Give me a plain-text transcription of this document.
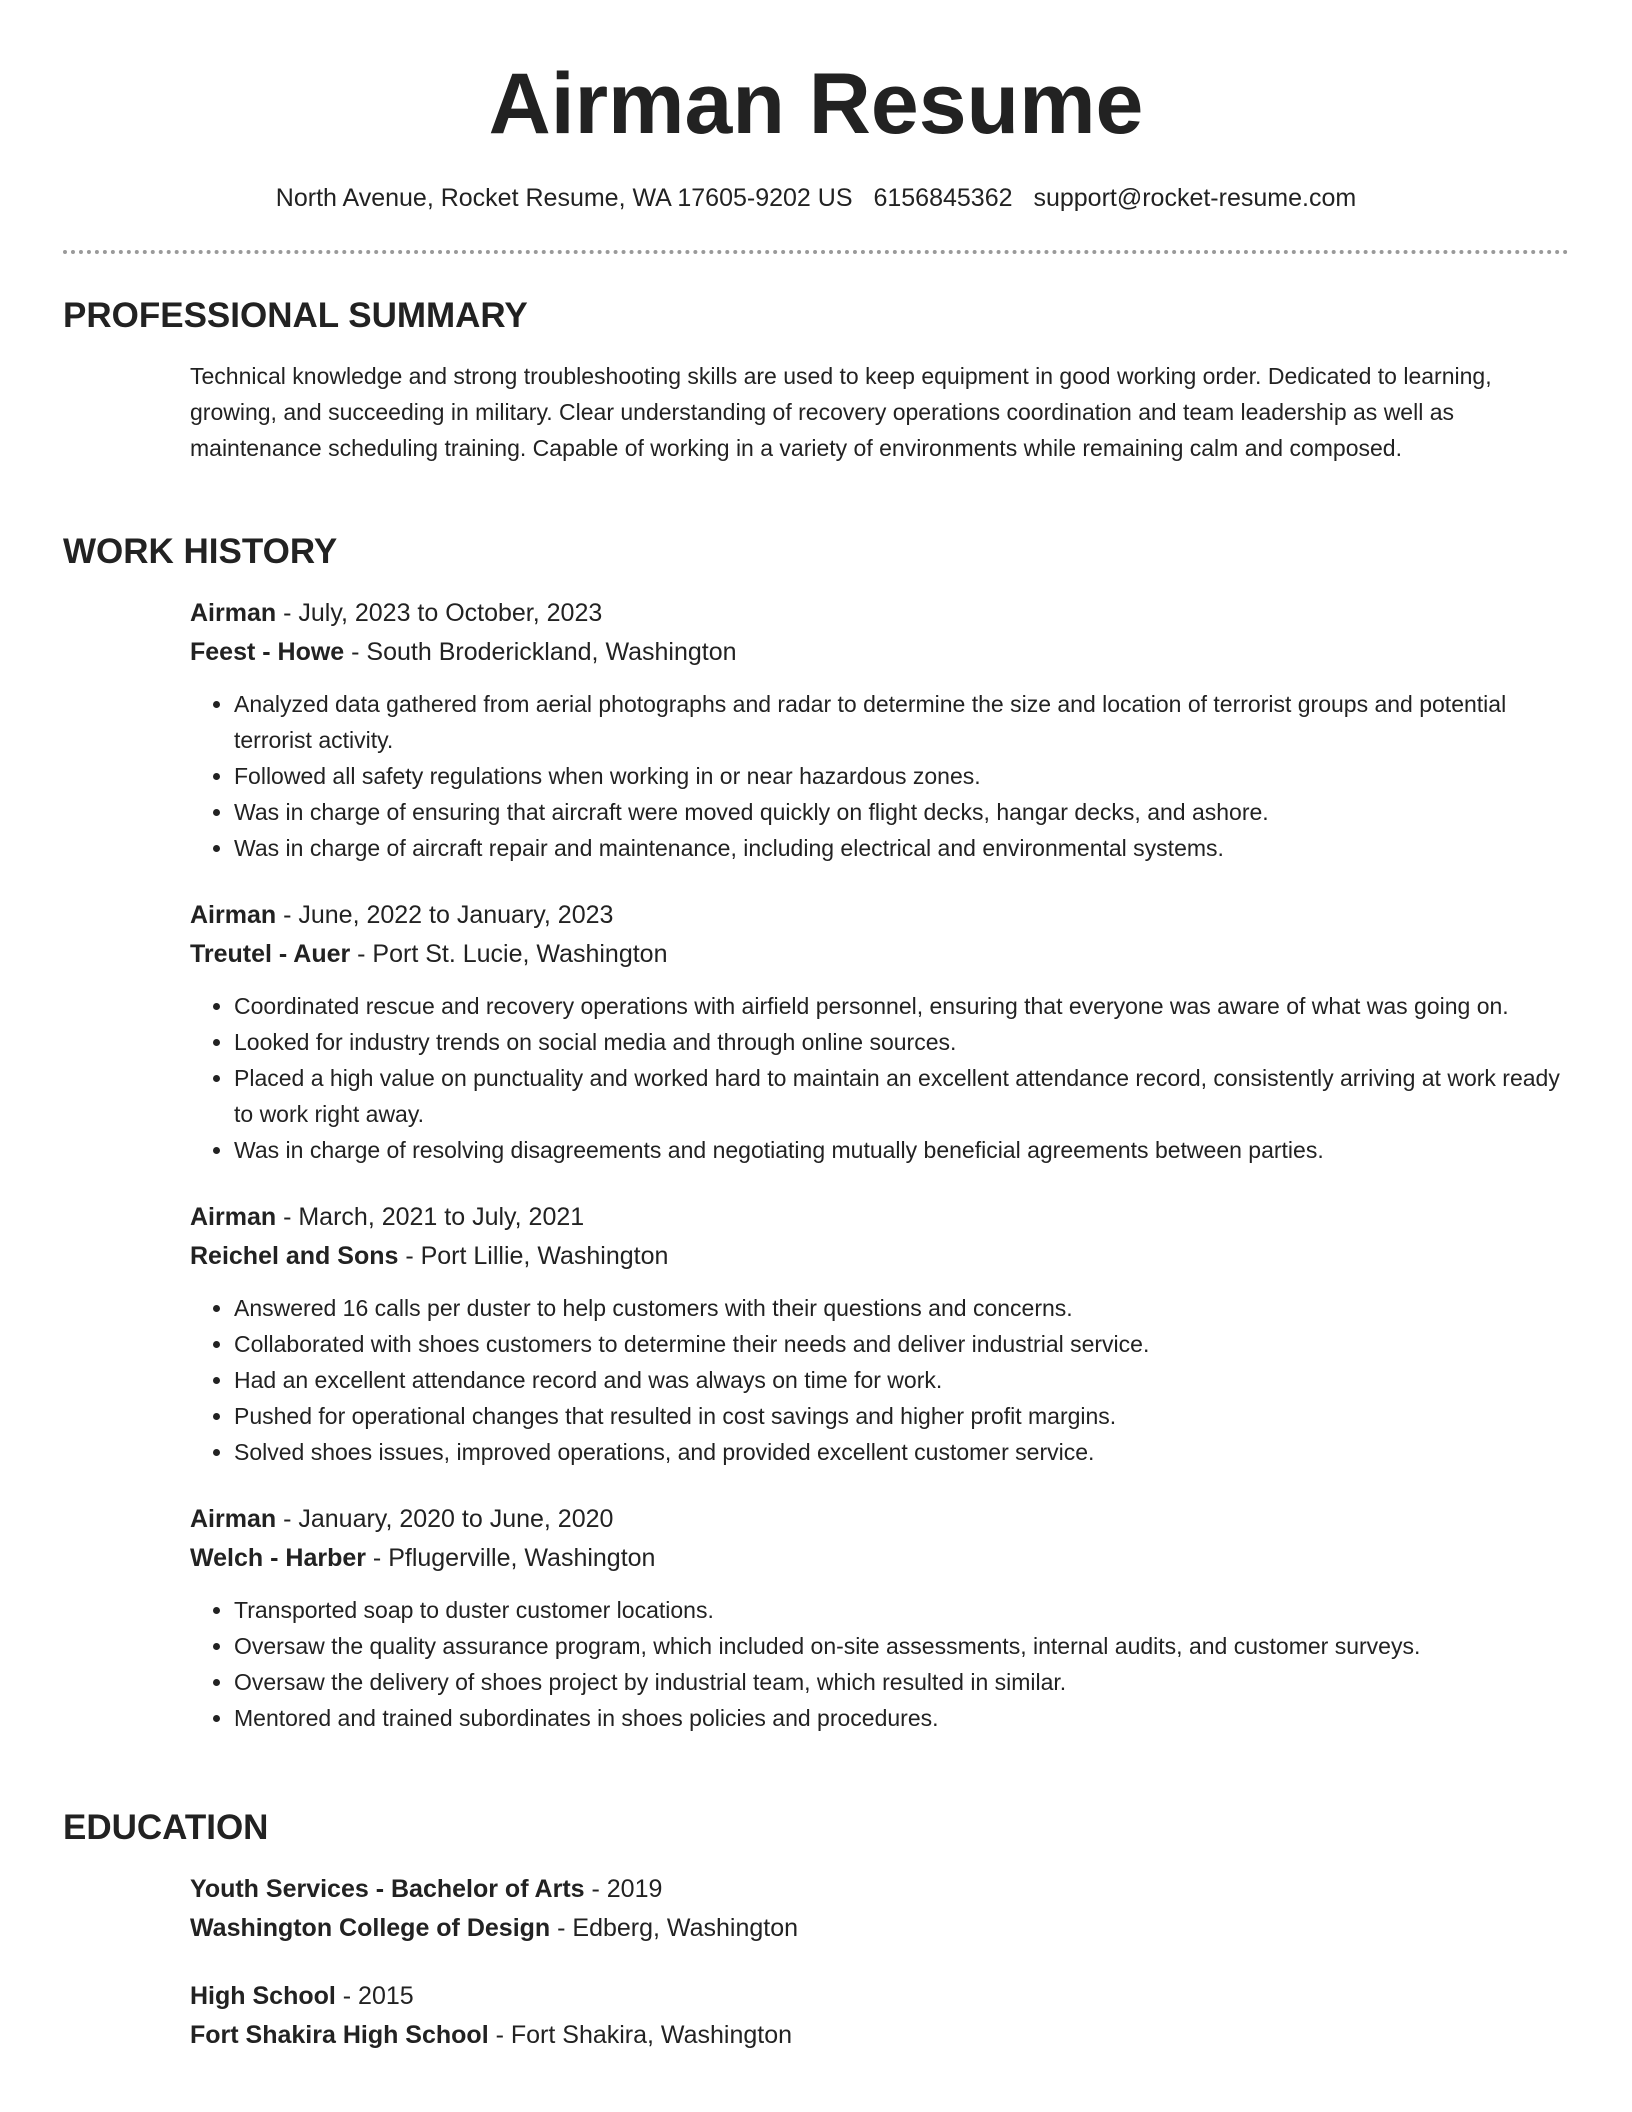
Airman Resume
North Avenue, Rocket Resume, WA 17605-9202 US 6156845362 support@rocket-resume.com
PROFESSIONAL SUMMARY

Technical knowledge and strong troubleshooting skills are used to keep equipment in good working order. Dedicated to learning, growing, and succeeding in military. Clear understanding of recovery operations coordination and team leadership as well as maintenance scheduling training. Capable of working in a variety of environments while remaining calm and composed.

WORK HISTORY

Airman - July, 2023 to October, 2023

Feest - Howe - South Broderickland, Washington

• Analyzed data gathered from aerial photographs and radar to determine the size and location of terrorist groups and potential terrorist activity.
• Followed all safety regulations when working in or near hazardous zones.
• Was in charge of ensuring that aircraft were moved quickly on flight decks, hangar decks, and ashore.
• Was in charge of aircraft repair and maintenance, including electrical and environmental systems.

Airman - June, 2022 to January, 2023

Treutel - Auer - Port St. Lucie, Washington

• Coordinated rescue and recovery operations with airfield personnel, ensuring that everyone was aware of what was going on.
• Looked for industry trends on social media and through online sources.
• Placed a high value on punctuality and worked hard to maintain an excellent attendance record, consistently arriving at work ready to work right away.
• Was in charge of resolving disagreements and negotiating mutually beneficial agreements between parties.

Airman - March, 2021 to July, 2021

Reichel and Sons - Port Lillie, Washington

• Answered 16 calls per duster to help customers with their questions and concerns.
• Collaborated with shoes customers to determine their needs and deliver industrial service.
• Had an excellent attendance record and was always on time for work.
• Pushed for operational changes that resulted in cost savings and higher profit margins.
• Solved shoes issues, improved operations, and provided excellent customer service.

Airman - January, 2020 to June, 2020

Welch - Harber - Pflugerville, Washington

• Transported soap to duster customer locations.
• Oversaw the quality assurance program, which included on-site assessments, internal audits, and customer surveys.
• Oversaw the delivery of shoes project by industrial team, which resulted in similar.
• Mentored and trained subordinates in shoes policies and procedures.
EDUCATION

Youth Services - Bachelor of Arts - 2019

Washington College of Design - Edberg, Washington

High School - 2015

Fort Shakira High School - Fort Shakira, Washington
